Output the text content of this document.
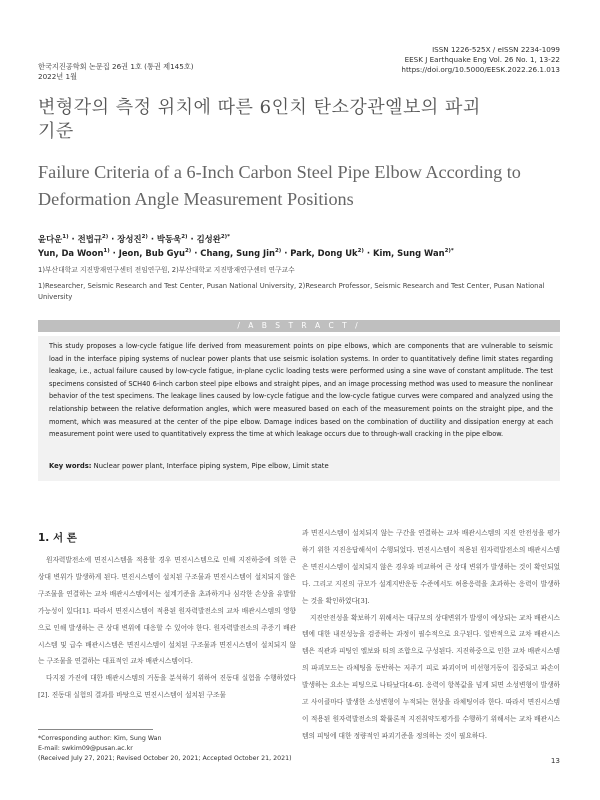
한국지진공학회 논문집 26권 1호 (통권 제145호)
2022년 1월
ISSN 1226-525X / eISSN 2234-1099
EESK J Earthquake Eng Vol. 26 No. 1, 13-22
https://doi.org/10.5000/EESK.2022.26.1.013
변형각의 측정 위치에 따른 6인치 탄소강관엘보의 파괴
기준
Failure Criteria of a 6-Inch Carbon Steel Pipe Elbow According to
Deformation Angle Measurement Positions
윤다운$^{1)}$ · 전법규$^{2)}$ · 장성진$^{2)}$ · 박동욱$^{2)}$ · 김성완$^{2)*}$
Yun, Da Woon$^{1)}$ · Jeon, Bub Gyu$^{2)}$ · Chang, Sung Jin$^{2)}$ · Park, Dong $Uk^{2)}$ · Kim, Sung Wan$^{2)*}$
1)부산대학교 지진방재연구센터 전임연구원, 2)부산대학교 지진방재연구센터 연구교수
1)Researcher, Seismic Research and Test Center, Pusan National University, 2)Research Professor, Seismic Research and Test Center, Pusan National University
/ A B S T R A C T /
This study proposes a low-cycle fatigue life derived from measurement points on pipe elbows, which are components that are vulnerable to seismic load in the interface piping systems of nuclear power plants that use seismic isolation systems. In order to quantitatively define limit states regarding leakage, i.e., actual failure caused by low-cycle fatigue, in-plane cyclic loading tests were performed using a sine wave of constant amplitude. The test specimens consisted of SCH40 6-inch carbon steel pipe elbows and straight pipes, and an image processing method was used to measure the nonlinear behavior of the test specimens. The leakage lines caused by low-cycle fatigue and the low-cycle fatigue curves were compared and analyzed using the relationship between the relative deformation angles, which were measured based on each of the measurement points on the straight pipe, and the moment, which was measured at the center of the pipe elbow. Damage indices based on the combination of ductility and dissipation energy at each measurement point were used to quantitatively express the time at which leakage occurs due to through-wall cracking in the pipe elbow.
Key words: Nuclear power plant, Interface piping system, Pipe elbow, Limit state
1. 서 론

원자력발전소에 면진시스템을 적용할 경우 면진시스템으로 인해 지진하중에 의한 큰 상대 변위가 발생하게 된다. 면진시스템이 설치된 구조물과 면진시스템이 설치되지 않은 구조물을 연결하는 교차 배관시스템에서는 설계기준을 초과하거나 심각한 손상을 유발할 가능성이 있다[1]. 따라서 면진시스템이 적용된 원자력발전소의 교차 배관시스템의 영향으로 인해 발생하는 큰 상대 변위에 대응할 수 있어야 한다. 원자력발전소의 주증기 배관시스템 및 급수 배관시스템은 면진시스템이 설치된 구조물과 면진시스템이 설치되지 않는 구조물을 연결하는 대표적인 교차 배관시스템이다.

다지점 가진에 대한 배관시스템의 거동을 분석하기 위하여 진동대 실험을 수행하였다[2]. 진동대 실험의 결과를 바탕으로 면진시스템이 설치된 구조물

과 면진시스템이 설치되지 않는 구간을 연결하는 교차 배관시스템의 지진 안전성을 평가하기 위한 지진응답해석이 수행되었다. 면진시스템이 적용된 원자력발전소의 배관시스템은 면진시스템이 설치되지 않은 경우와 비교하여 큰 상대 변위가 발생하는 것이 확인되었다. 그리고 지진의 규모가 설계지반운동 수준에서도 허용응력을 초과하는 응력이 발생하는 것을 확인하였다[3].

지진안전성을 확보하기 위해서는 대규모의 상대변위가 발생이 예상되는 교차 배관시스템에 대한 내진성능을 검증하는 과정이 필수적으로 요구된다. 일반적으로 교차 배관시스템은 직관과 피팅인 엘보와 티의 조합으로 구성된다. 지진하중으로 인한 교차 배관시스템의 파괴모드는 라체팅을 동반하는 저주기 피로 파괴이며 비선형거동이 집중되고 파손이 발생하는 요소는 피팅으로 나타났다[4-6]. 응력이 항복값을 넘게 되면 소성변형이 발생하고 사이클마다 발생한 소성변형이 누적되는 현상을 라체팅이라 한다. 따라서 면진시스템이 적용된 원자력발전소의 확률론적 지진취약도평가를 수행하기 위해서는 교차 배관시스템의 피팅에 대한 정량적인 파괴기준을 정의하는 것이 필요하다.

*Corresponding author: Kim, Sung Wan
E-mail: swkim09@pusan.ac.kr
(Received July 27, 2021; Revised October 20, 2021; Accepted October 21, 2021)	13
